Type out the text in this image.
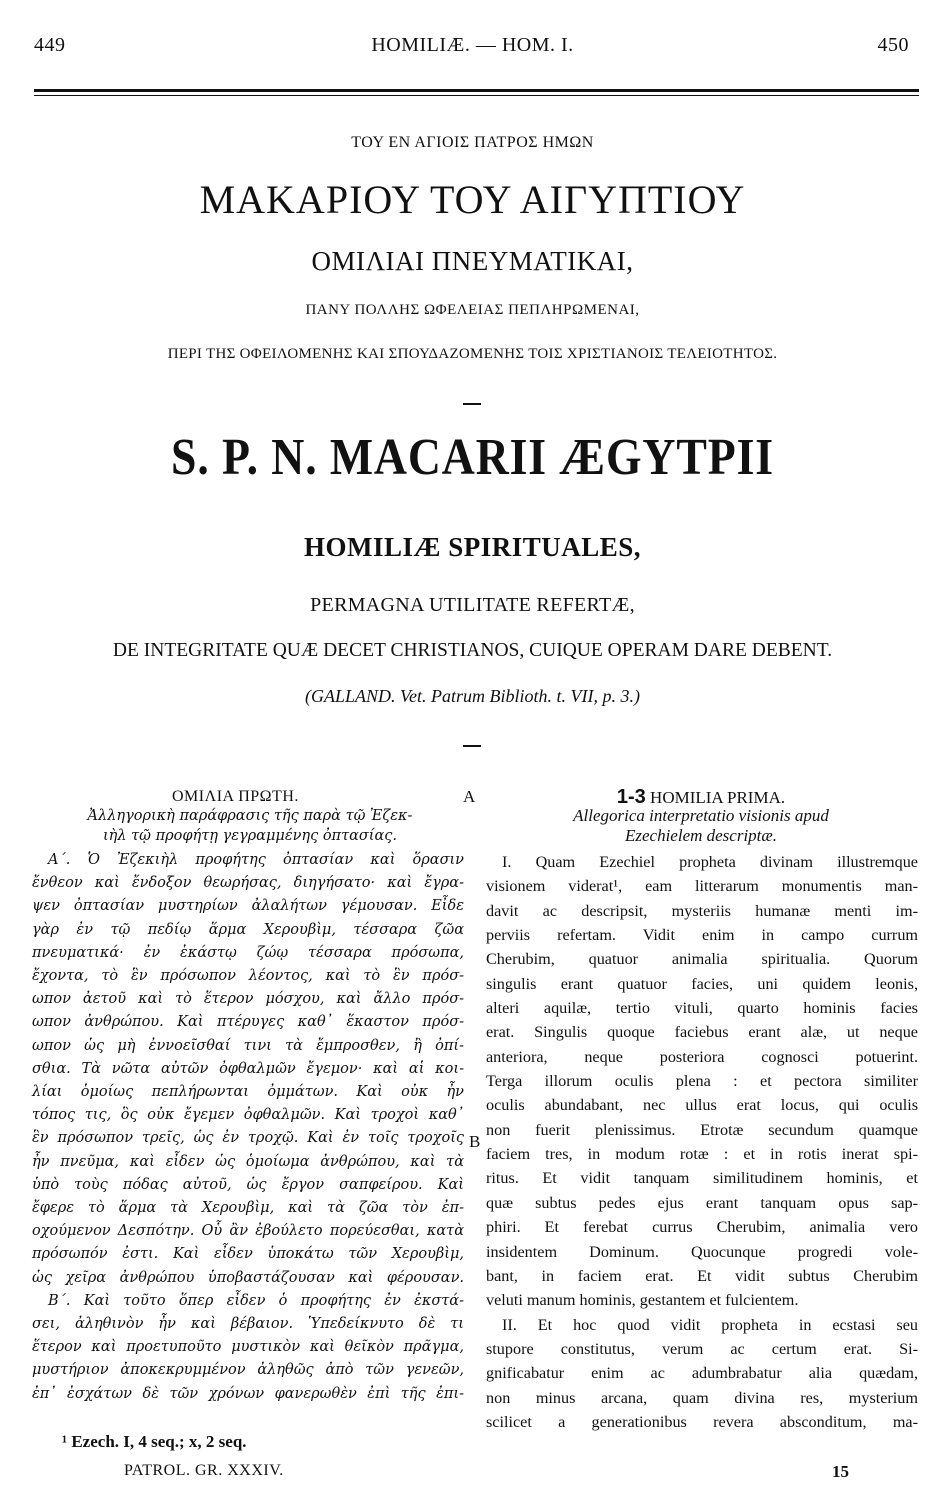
449	HOMILIÆ. — HOM. I.	450
ΤΟΥ ΕΝ ΑΓΙΟΙΣ ΠΑΤΡΟΣ ΗΜΩΝ
ΜΑΚΑΡΙΟΥ ΤΟΥ ΑΙΓΥΠΤΙΟΥ
ΟΜΙΛΙΑΙ ΠΝΕΥΜΑΤΙΚΑΙ,
ΠΑΝΥ ΠΟΛΛΗΣ ΩΦΕΛΕΙΑΣ ΠΕΠΛΗΡΩΜΕΝΑΙ,
ΠΕΡΙ ΤΗΣ ΟΦΕΙΛΟΜΕΝΗΣ ΚΑΙ ΣΠΟΥΔΑΖΟΜΕΝΗΣ ΤΟΙΣ ΧΡΙΣΤΙΑΝΟΙΣ ΤΕΛΕΙΟΤΗΤΟΣ.
S. P. N. MACARII ÆGYTPII
HOMILIÆ SPIRITUALES,
PERMAGNA UTILITATE REFERTÆ,
DE INTEGRITATE QUÆ DECET CHRISTIANOS, CUIQUE OPERAM DARE DEBENT.
(GALLAND. Vet. Patrum Biblioth. t. VII, p. 3.)
ΟΜΙΛΙΑ ΠΡΩΤΗ.	A
Ἀλληγορικὴ παράφρασις τῆς παρὰ τῷ Ἐζεκ-
ιὴλ τῷ προφήτῃ γεγραμμένης ὀπτασίας.
Α΄. Ὁ Ἐζεκιὴλ προφήτης ὀπτασίαν καὶ ὅρασιν
ἔνθεον καὶ ἔνδοξον θεωρήσας, διηγήσατο· καὶ ἔγρα-
ψεν ὀπτασίαν μυστηρίων ἀλαλήτων γέμουσαν. Εἶδε
γὰρ ἐν τῷ πεδίῳ ἅρμα Χερουβὶμ, τέσσαρα ζῶα
πνευματικά· ἐν ἑκάστῳ ζώῳ τέσσαρα πρόσωπα,
ἔχοντα, τὸ ἓν πρόσωπον λέοντος, καὶ τὸ ἓν πρόσ-
ωπον ἀετοῦ καὶ τὸ ἕτερον μόσχου, καὶ ἄλλο πρόσ-
ωπον ἀνθρώπου. Καὶ πτέρυγες καθ᾽ ἕκαστον πρόσ-
ωπον ὡς μὴ ἐννοεῖσθαί τινι τὰ ἔμπροσθεν, ἢ ὀπί-
σθια. Τὰ νῶτα αὐτῶν ὀφθαλμῶν ἔγεμον· καὶ αἱ κοι-
λίαι ὁμοίως πεπλήρωνται ὀμμάτων. Καὶ οὐκ ἦν
τόπος τις, ὃς οὐκ ἔγεμεν ὀφθαλμῶν. Καὶ τροχοὶ καθ᾽
ἓν πρόσωπον τρεῖς, ὡς ἐν τροχῷ. Καὶ ἐν τοῖς τροχοῖς
ἦν πνεῦμα, καὶ εἶδεν ὡς ὁμοίωμα ἀνθρώπου, καὶ τὰ
ὑπὸ τοὺς πόδας αὐτοῦ, ὡς ἔργον σαπφείρου. Καὶ
ἔφερε τὸ ἅρμα τὰ Χερουβὶμ, καὶ τὰ ζῶα τὸν ἐπ-
οχούμενον Δεσπότην. Οὗ ἂν ἐβούλετο πορεύεσθαι, κατὰ
πρόσωπόν ἐστι. Καὶ εἶδεν ὑποκάτω τῶν Χερουβὶμ,
ὡς χεῖρα ἀνθρώπου ὑποβαστάζουσαν καὶ φέρουσαν.
Β΄. Καὶ τοῦτο ὅπερ εἶδεν ὁ προφήτης ἐν ἐκστά-
σει, ἀληθινὸν ἦν καὶ βέβαιον. Ὑπεδείκνυτο δὲ τι
ἕτερον καὶ προετυποῦτο μυστικὸν καὶ θεῖκὸν πρᾶγμα,
μυστήριον ἀποκεκρυμμένον ἀληθῶς ἀπὸ τῶν γενεῶν,
ἐπ᾽ ἐσχάτων δὲ τῶν χρόνων φανερωθὲν ἐπὶ τῆς ἐπι-
B
1-3 HOMILIA PRIMA.
Allegorica interpretatio visionis apud
Ezechielem descriptæ.
I. Quam Ezechiel propheta divinam illustremque
visionem viderat¹, eam litterarum monumentis man-
davit ac descripsit, mysteriis humanæ menti im-
perviis refertam. Vidit enim in campo currum
Cherubim, quatuor animalia spiritualia. Quorum
singulis erant quatuor facies, uni quidem leonis,
alteri aquilæ, tertio vituli, quarto hominis facies
erat. Singulis quoque faciebus erant alæ, ut neque
anteriora, neque posteriora cognosci potuerint.
Terga illorum oculis plena : et pectora similiter
oculis abundabant, nec ullus erat locus, qui oculis
non fuerit plenissimus. Etrotæ secundum quamque
faciem tres, in modum rotæ : et in rotis inerat spi-
ritus. Et vidit tanquam similitudinem hominis, et
quæ subtus pedes ejus erant tanquam opus sap-
phiri. Et ferebat currus Cherubim, animalia vero
insidentem Dominum. Quocunque progredi vole-
bant, in faciem erat. Et vidit subtus Cherubim
veluti manum hominis, gestantem et fulcientem.
II. Et hoc quod vidit propheta in ecstasi seu
stupore constitutus, verum ac certum erat. Si-
gnificabatur enim ac adumbrabatur alia quædam,
non minus arcana, quam divina res, mysterium
scilicet a generationibus revera absconditum, ma-
¹ Ezech. I, 4 seq.; x, 2 seq.
PATROL. GR. XXXIV.	15
